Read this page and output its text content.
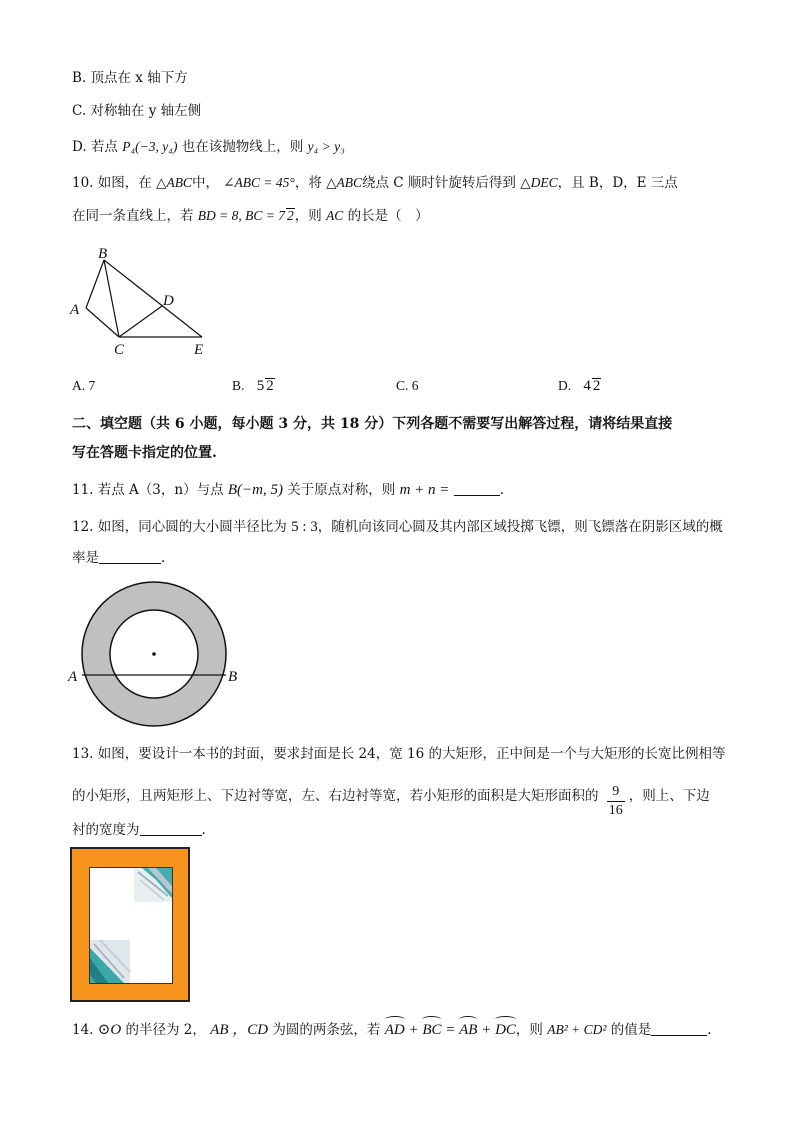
B. 顶点在 x 轴下方
C. 对称轴在 y 轴左侧
D. 若点 P₄(−3, y₄) 也在该抛物线上，则 y₄ > y₃
10. 如图，在 △ABC中， ∠ABC = 45°，将 △ABC绕点 C 顺时针旋转后得到 △DEC，且 B，D，E 三点
在同一条直线上，若 BD = 8, BC = 7 2，则 AC 的长是（　）
B
A
D
C	E
A. 7	B. 5 2	C. 6	D. 4 2
二、填空题（共 6 小题，每小题 3 分，共 18 分）下列各题不需要写出解答过程，请将结果直接
写在答题卡指定的位置.
11. 若点 A（3，n）与点 B(−m, 5) 关于原点对称，则 m + n =	.
12. 如图，同心圆的大小圆半径比为 5 : 3，随机向该同心圆及其内部区域投掷飞镖，则飞镖落在阴影区域的概
率是	.
A	B
13. 如图，要设计一本书的封面，要求封面是长 24，宽 16 的大矩形，正中间是一个与大矩形的长宽比例相等
的小矩形，且两矩形上、下边衬等宽，左、右边衬等宽，若小矩形的面积是大矩形面积的 $\frac{9}{16}$ ，则上、下边
衬的宽度为	.
14. ⊙O 的半径为 2， AB ，CD 为圆的两条弦，若 AD + BC = AB + DC，则 AB² + CD² 的值是	.
